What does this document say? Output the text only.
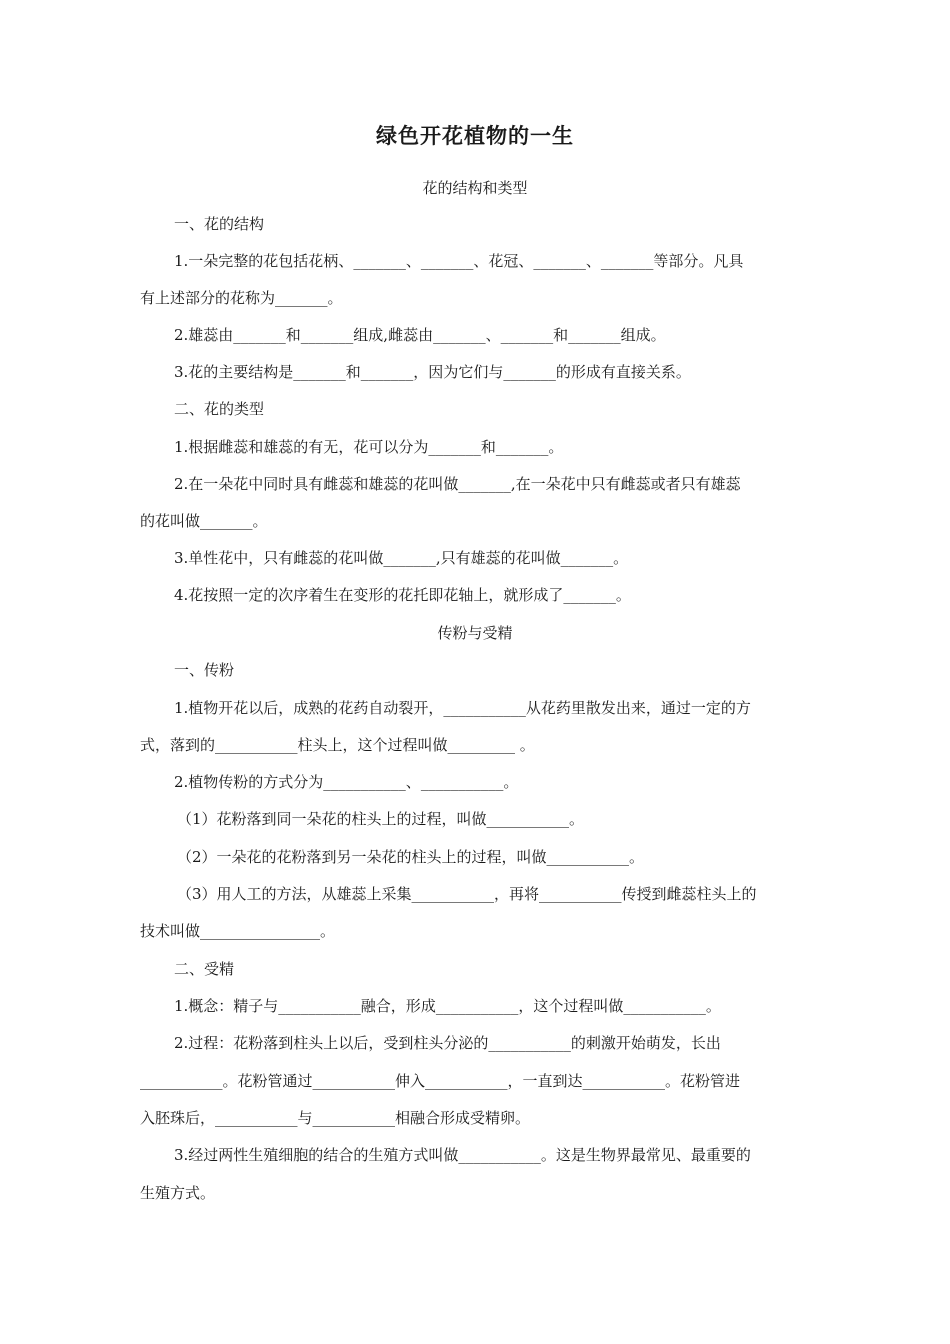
绿色开花植物的一生
花的结构和类型
一、花的结构
1.一朵完整的花包括花柄、_______、_______、花冠、_______、_______等部分。凡具
有上述部分的花称为_______。
2.雄蕊由_______和_______组成,雌蕊由_______、_______和_______组成。
3.花的主要结构是_______和_______，因为它们与_______的形成有直接关系。
二、花的类型
1.根据雌蕊和雄蕊的有无，花可以分为_______和_______。
2.在一朵花中同时具有雌蕊和雄蕊的花叫做_______,在一朵花中只有雌蕊或者只有雄蕊
的花叫做_______。
3.单性花中，只有雌蕊的花叫做_______,只有雄蕊的花叫做_______。
4.花按照一定的次序着生在变形的花托即花轴上，就形成了_______。
传粉与受精
一、传粉
1.植物开花以后，成熟的花药自动裂开，___________从花药里散发出来，通过一定的方
式，落到的___________柱头上，这个过程叫做_________ 。
2.植物传粉的方式分为___________、___________。
（1）花粉落到同一朵花的柱头上的过程，叫做___________。
（2）一朵花的花粉落到另一朵花的柱头上的过程，叫做___________。
（3）用人工的方法，从雄蕊上采集___________，再将___________传授到雌蕊柱头上的
技术叫做________________。
二、受精
1.概念：精子与___________融合，形成___________，这个过程叫做___________。
2.过程：花粉落到柱头上以后，受到柱头分泌的___________的刺激开始萌发，长出
___________。花粉管通过___________伸入___________，一直到达___________。花粉管进
入胚珠后，___________与___________相融合形成受精卵。
3.经过两性生殖细胞的结合的生殖方式叫做___________。这是生物界最常见、最重要的
生殖方式。
